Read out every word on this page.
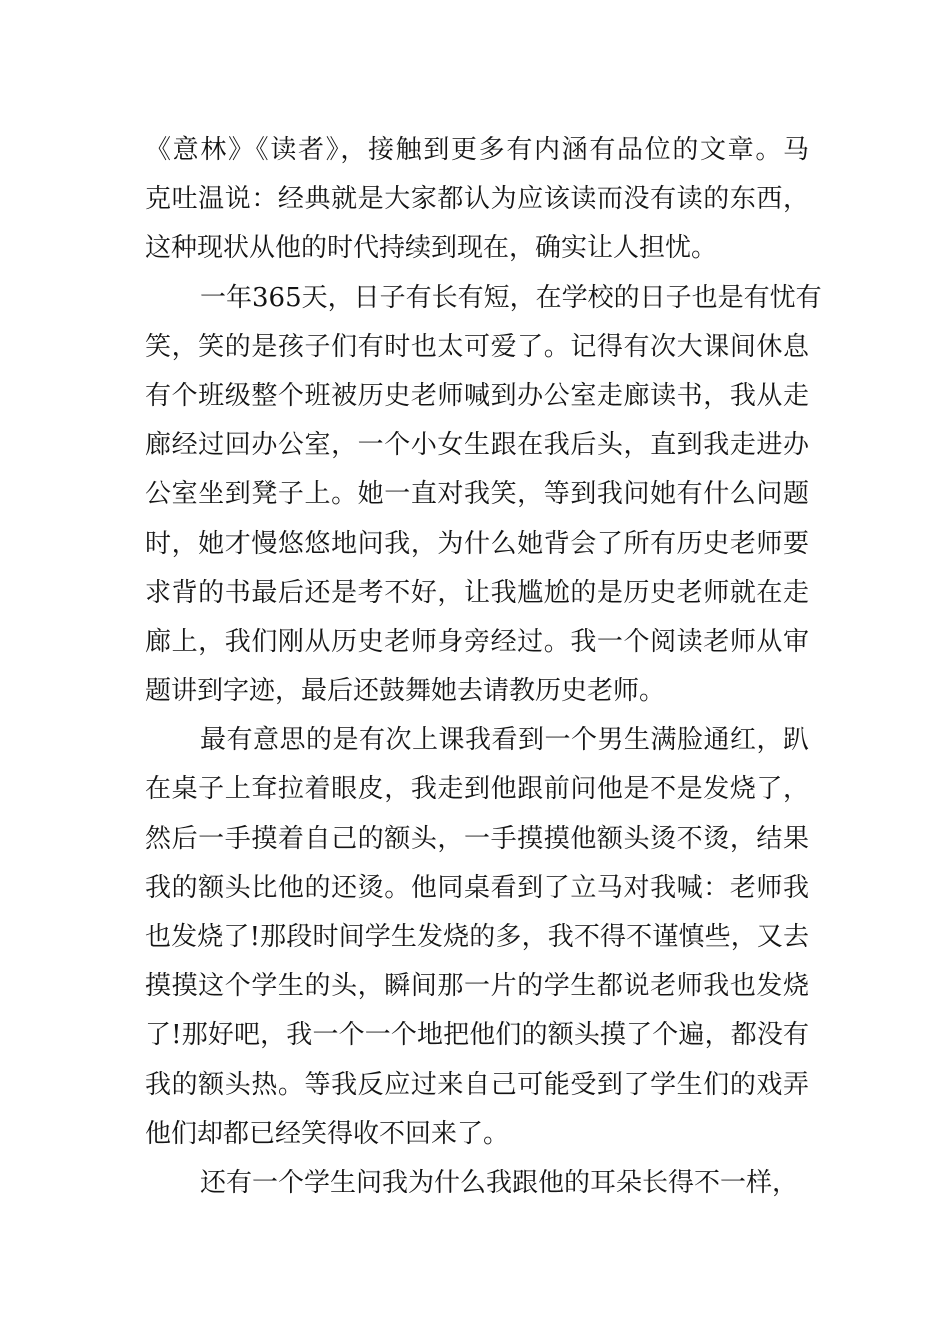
《意林》《读者》，接触到更多有内涵有品位的文章。马
克吐温说：经典就是大家都认为应该读而没有读的东西，
这种现状从他的时代持续到现在，确实让人担忧。
一年365天，日子有长有短，在学校的日子也是有忧有
笑，笑的是孩子们有时也太可爱了。记得有次大课间休息
有个班级整个班被历史老师喊到办公室走廊读书，我从走
廊经过回办公室，一个小女生跟在我后头，直到我走进办
公室坐到凳子上。她一直对我笑，等到我问她有什么问题
时，她才慢悠悠地问我，为什么她背会了所有历史老师要
求背的书最后还是考不好，让我尴尬的是历史老师就在走
廊上，我们刚从历史老师身旁经过。我一个阅读老师从审
题讲到字迹，最后还鼓舞她去请教历史老师。
最有意思的是有次上课我看到一个男生满脸通红，趴
在桌子上耷拉着眼皮，我走到他跟前问他是不是发烧了，
然后一手摸着自己的额头，一手摸摸他额头烫不烫，结果
我的额头比他的还烫。他同桌看到了立马对我喊：老师我
也发烧了!那段时间学生发烧的多，我不得不谨慎些，又去
摸摸这个学生的头，瞬间那一片的学生都说老师我也发烧
了!那好吧，我一个一个地把他们的额头摸了个遍，都没有
我的额头热。等我反应过来自己可能受到了学生们的戏弄
他们却都已经笑得收不回来了。
还有一个学生问我为什么我跟他的耳朵长得不一样，
